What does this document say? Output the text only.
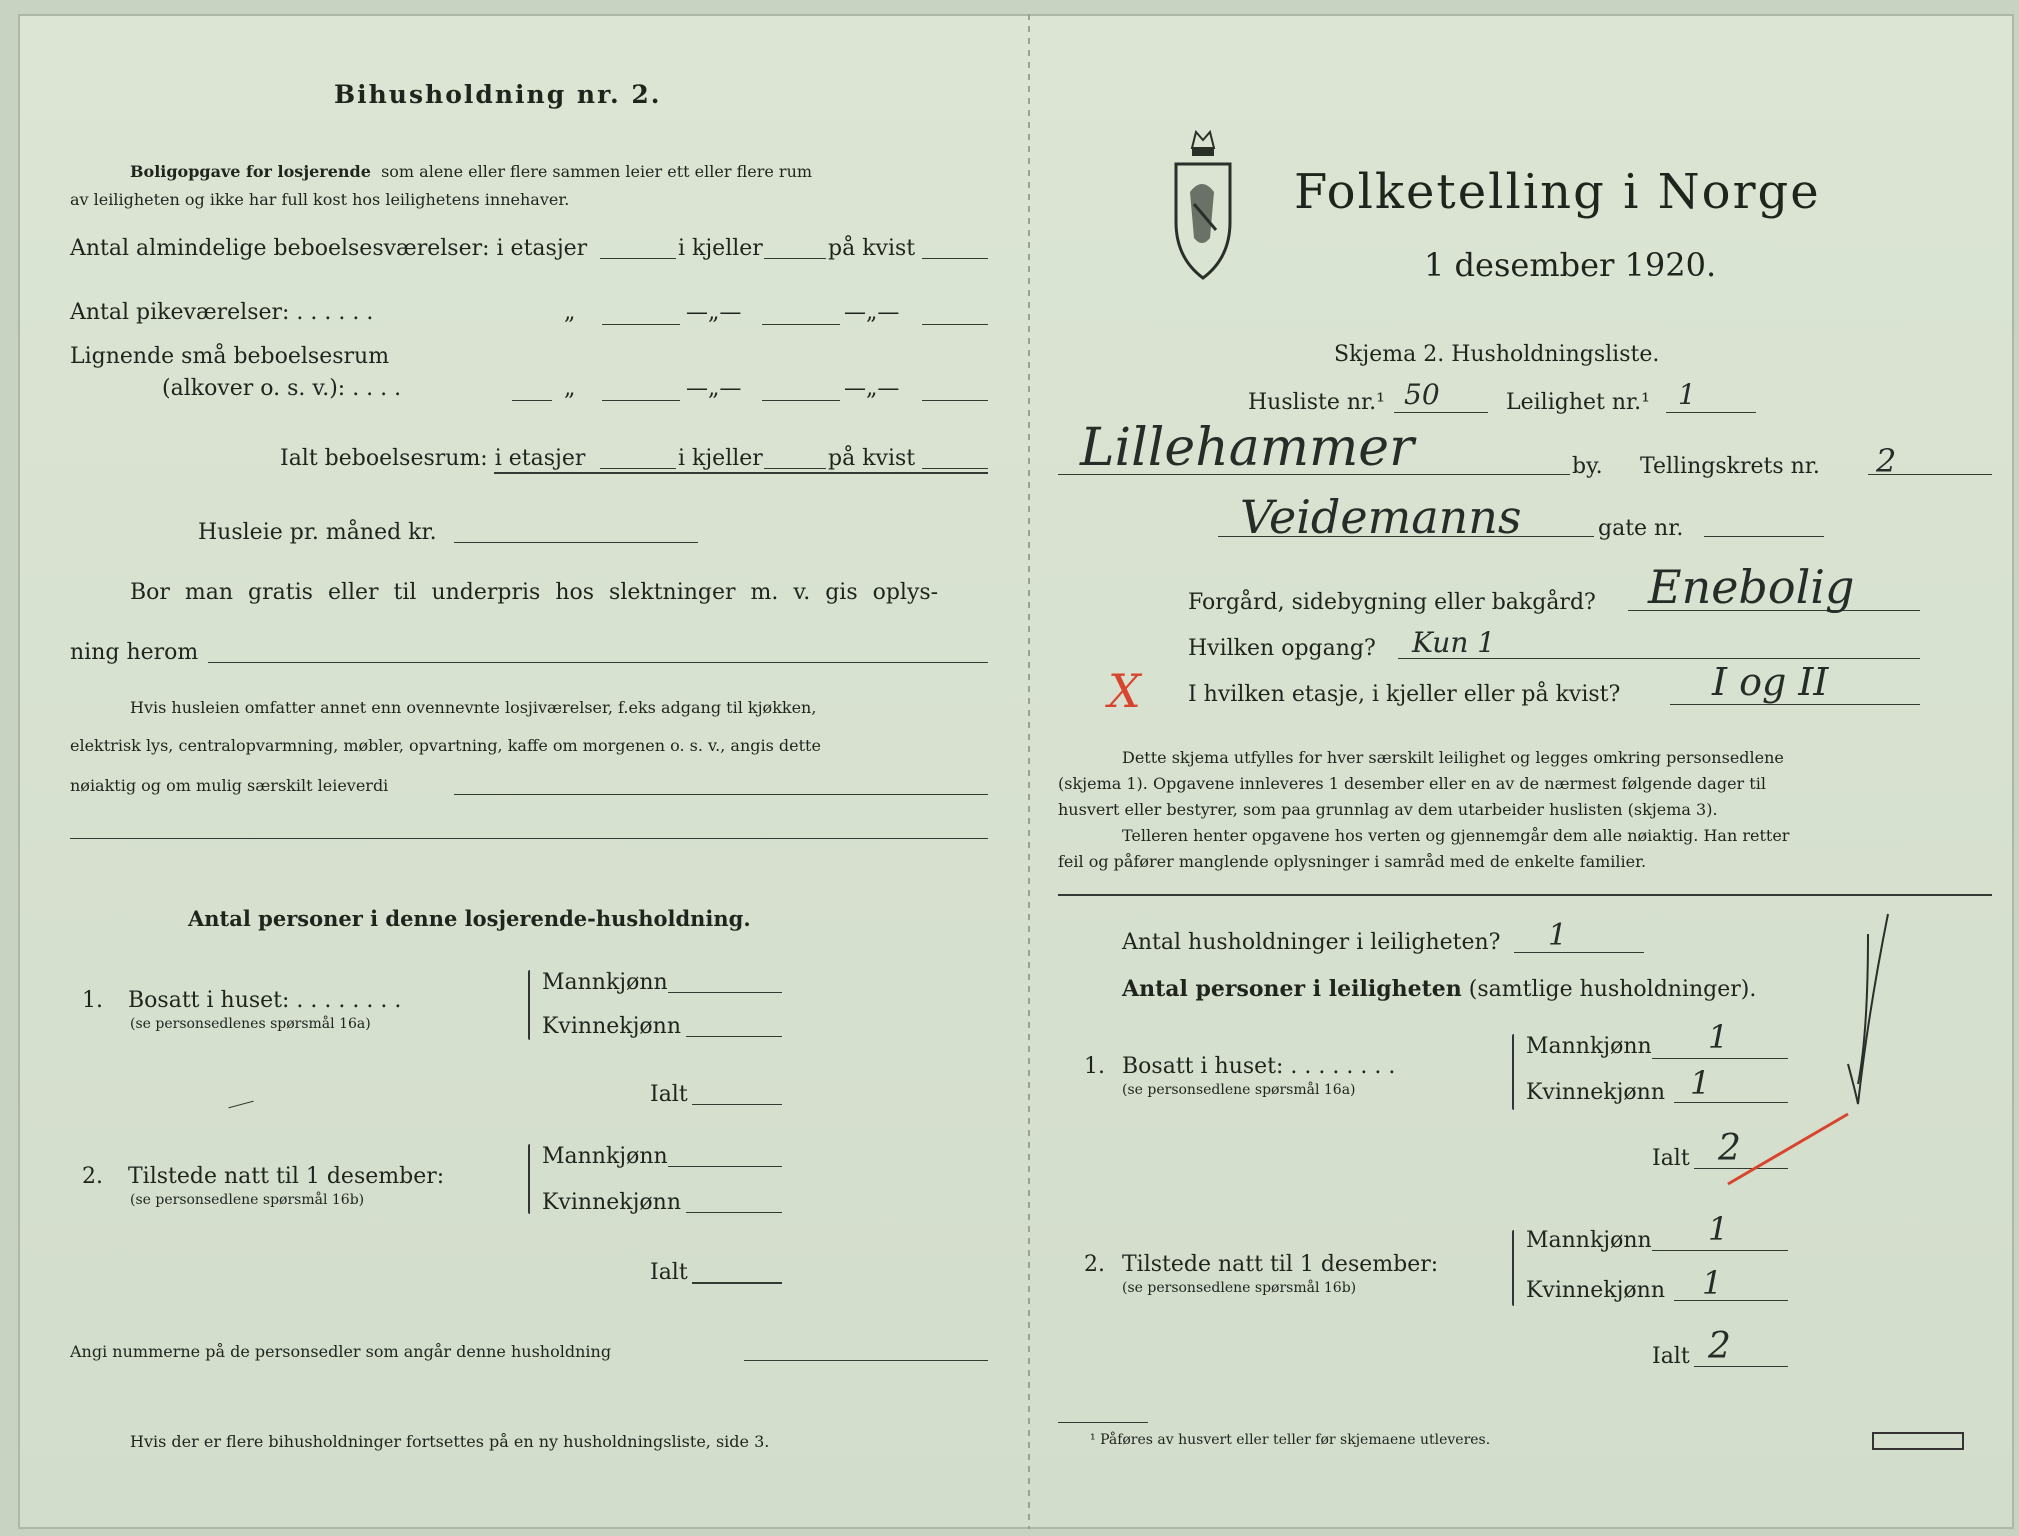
Bihusholdning nr. 2.
Boligopgave for losjerende som alene eller flere sammen leier ett eller flere rum
av leiligheten og ikke har full kost hos leilighetens innehaver.
Antal almindelige beboelsesværelser: i etasjer	i kjeller	på kvist
Antal pikeværelser: . . . . . .	„	—„—	—„—
Lignende små beboelsesrum
(alkover o. s. v.): . . . .	„	—„—	—„—
Ialt beboelsesrum: i etasjer	i kjeller	på kvist
Husleie pr. måned kr.
Bor man gratis eller til underpris hos slektninger m. v. gis oplys-
ning herom
Hvis husleien omfatter annet enn ovennevnte losjiværelser, f.eks adgang til kjøkken,
elektrisk lys, centralopvarmning, møbler, opvartning, kaffe om morgenen o. s. v., angis dette
nøiaktig og om mulig særskilt leieverdi
Antal personer i denne losjerende-husholdning.
1. Bosatt i huset: . . . . . . . .
(se personsedlenes spørsmål 16a)
Mannkjønn
Kvinnekjønn
Ialt
2. Tilstede natt til 1 desember:
(se personsedlene spørsmål 16b)
Mannkjønn
Kvinnekjønn
Ialt
Angi nummerne på de personsedler som angår denne husholdning
Hvis der er flere bihusholdninger fortsettes på en ny husholdningsliste, side 3.
Folketelling i Norge
1 desember 1920.
Skjema 2. Husholdningsliste.
Husliste nr.¹ 50	Leilighet nr.¹ 1
Lillehammer	by. Tellingskrets nr. 2
Veidemanns	gate nr.
Forgård, sidebygning eller bakgård? Enebolig
Hvilken opgang? Kun 1
X I hvilken etasje, i kjeller eller på kvist? I og II
Dette skjema utfylles for hver særskilt leilighet og legges omkring personsedlene
(skjema 1). Opgavene innleveres 1 desember eller en av de nærmest følgende dager til
husvert eller bestyrer, som paa grunnlag av dem utarbeider huslisten (skjema 3).
Telleren henter opgavene hos verten og gjennemgår dem alle nøiaktig. Han retter
feil og påfører manglende oplysninger i samråd med de enkelte familier.
Antal husholdninger i leiligheten? 1
Antal personer i leiligheten (samtlige husholdninger).
1. Bosatt i huset: . . . . . . . .
(se personsedlene spørsmål 16a)
Mannkjønn 1
Kvinnekjønn 1
Ialt 2
2. Tilstede natt til 1 desember:
(se personsedlene spørsmål 16b)
Mannkjønn 1
Kvinnekjønn 1
Ialt 2
¹ Påføres av husvert eller teller før skjemaene utleveres.
